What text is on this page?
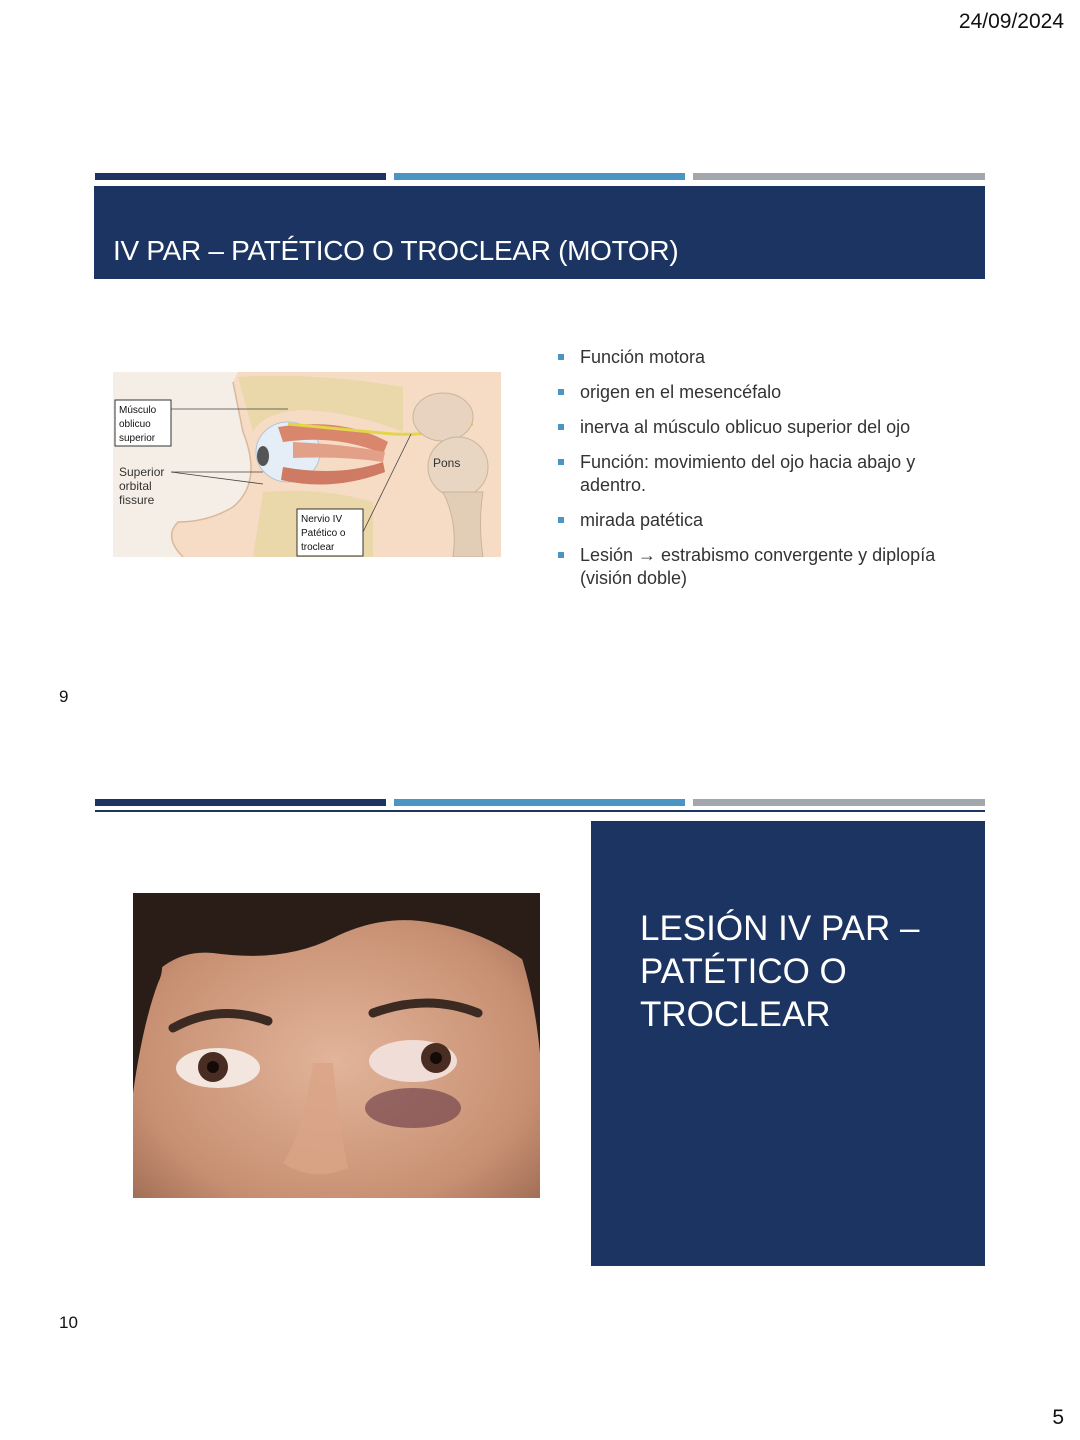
24/09/2024
5
IV PAR – PATÉTICO O TROCLEAR (MOTOR)
Músculo
oblicuo
superior
Superior
orbital
fissure
Nervio IV
Patético o
troclear
Pons
Función motora
origen en el mesencéfalo
inerva al músculo oblicuo superior del ojo
Función: movimiento del ojo hacia abajo y adentro.
mirada patética
Lesión → estrabismo convergente y diplopía (visión doble)
9
LESIÓN IV PAR – PATÉTICO O TROCLEAR
10
